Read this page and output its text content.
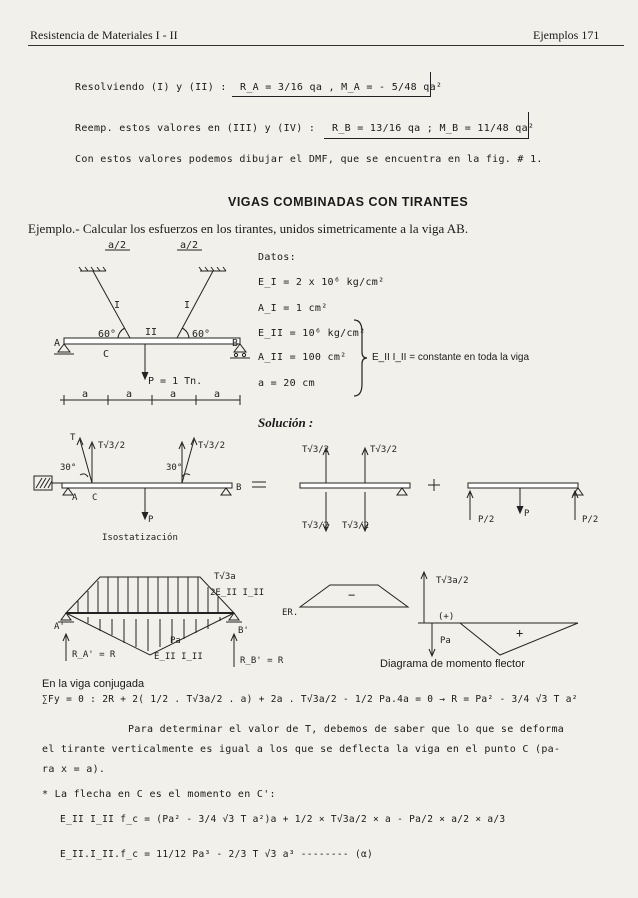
Resistencia de Materiales I - II	Ejemplos 171
Resolviendo (I) y (II) : R_A = 3/16 qa , M_A = - 5/48 qa²
Reemp. estos valores en (III) y (IV) : R_B = 13/16 qa ; M_B = 11/48 qa²
Con estos valores podemos dibujar el DMF, que se encuentra en la fig. # 1.
VIGAS COMBINADAS CON TIRANTES
Ejemplo.- Calcular los esfuerzos en los tirantes, unidos simetricamente a la viga AB.
a/2	a/2
I	I
II
60°	60°
A	B
C
P = 1 Tn.
a	a	a	a
Datos:
E_I = 2 x 10⁶ kg/cm²
A_I = 1 cm²
E_II = 10⁶ kg/cm²
A_II = 100 cm²
a = 20 cm
E_II I_II = constante en toda la viga
Solución :
T
T√3/2	T√3/2
30°	30°
A C
B
P
Isostatización
T√3/2	T√3/2
T√3/2 T√3/2
P/2
P
P/2
T√3a
2E_II I_II
Pa
E_II I_II
A'	B'
R_A' = R
R_B' = R
ER.
−
T√3a/2
(+)
Pa
+
Diagrama de momento flector
En la viga conjugada
∑Fy = 0 : 2R + 2( 1/2 . T√3a/2 . a) + 2a . T√3a/2 - 1/2 Pa.4a = 0 → R = Pa² - 3/4 √3 T a²
Para determinar el valor de T, debemos de saber que lo que se deforma
el tirante verticalmente es igual a los que se deflecta la viga en el punto C (pa-
ra x = a).
* La flecha en C es el momento en C':
E_II I_II f_c = (Pa² - 3/4 √3 T a²)a + 1/2 × T√3a/2 × a - Pa/2 × a/2 × a/3
E_II.I_II.f_c = 11/12 Pa³ - 2/3 T √3 a³ -------- (α)
